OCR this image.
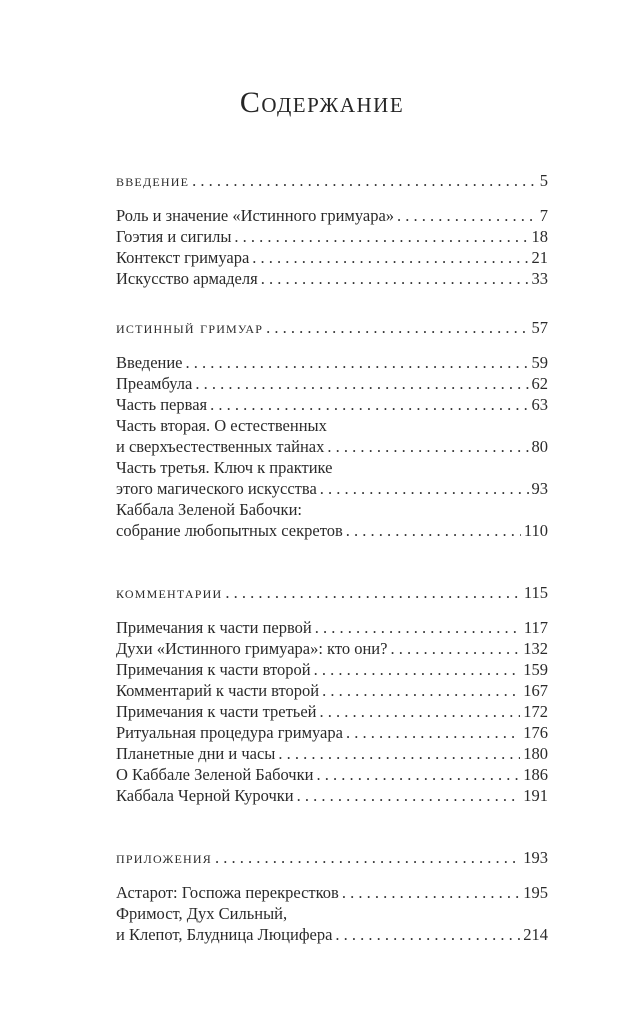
Содержание
введение . . .	5
Роль и значение «Истинного гримуара» . . .	7
Гоэтия и сигилы . . .	18
Контекст гримуара . . .	21
Искусство армаделя . . .	33
истинный гримуар . . .	57
Введение . . .	59
Преамбула . . .	62
Часть первая . . .	63
Часть вторая. О естественных
и сверхъестественных тайнах . . .	80
Часть третья. Ключ к практике
этого магического искусства . . .	93
Каббала Зеленой Бабочки:
собрание любопытных секретов . . .	110
комментарии . . .	115
Примечания к части первой . . .	117
Духи «Истинного гримуара»: кто они? . . .	132
Примечания к части второй . . .	159
Комментарий к части второй . . .	167
Примечания к части третьей . . .	172
Ритуальная процедура гримуара . . .	176
Планетные дни и часы . . .	180
О Каббале Зеленой Бабочки . . .	186
Каббала Черной Курочки . . .	191
приложения . . .	193
Астарот: Госпожа перекрестков . . .	195
Фримост, Дух Сильный,
и Клепот, Блудница Люцифера . . .	214
